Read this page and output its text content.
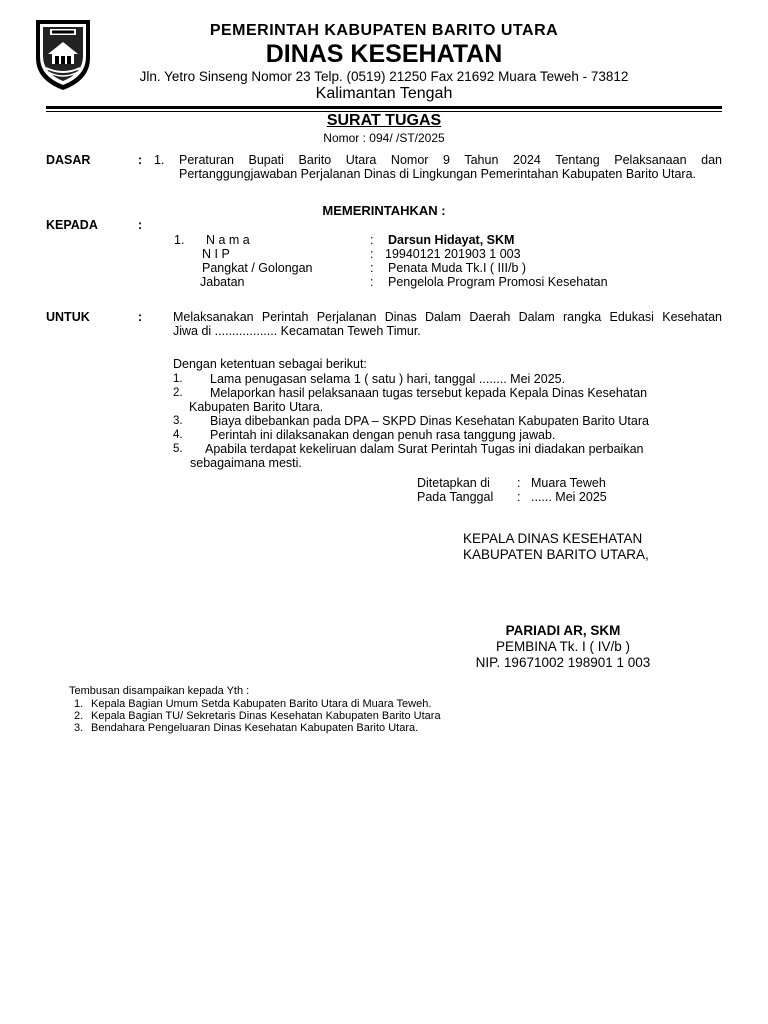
PEMERINTAH KABUPATEN BARITO UTARA
DINAS KESEHATAN
Jln. Yetro Sinseng Nomor 23 Telp. (0519) 21250 Fax 21692 Muara Teweh - 73812
Kalimantan Tengah
SURAT TUGAS
Nomor : 094/ /ST/2025
DASAR	: 1. Peraturan Bupati Barito Utara Nomor 9 Tahun 2024 Tentang Pelaksanaan dan
Pertanggungjawaban Perjalanan Dinas di Lingkungan Pemerintahan Kabupaten Barito Utara.
MEMERINTAHKAN :
KEPADA	:
1. N a m a	: Darsun Hidayat, SKM
N I P	: 19940121 201903 1 003
Pangkat / Golongan	: Penata Muda Tk.I ( III/b )
Jabatan	: Pengelola Program Promosi Kesehatan
UNTUK	: Melaksanakan Perintah Perjalanan Dinas Dalam Daerah Dalam rangka Edukasi Kesehatan
Jiwa di .................. Kecamatan Teweh Timur.
Dengan ketentuan sebagai berikut:
1. Lama penugasan selama 1 ( satu ) hari, tanggal ........ Mei 2025.
2. Melaporkan hasil pelaksanaan tugas tersebut kepada Kepala Dinas Kesehatan
Kabupaten Barito Utara.
3. Biaya dibebankan pada DPA – SKPD Dinas Kesehatan Kabupaten Barito Utara
4. Perintah ini dilaksanakan dengan penuh rasa tanggung jawab.
5. Apabila terdapat kekeliruan dalam Surat Perintah Tugas ini diadakan perbaikan
sebagaimana mesti.
Ditetapkan di : Muara Teweh
Pada Tanggal : ...... Mei 2025
KEPALA DINAS KESEHATAN
KABUPATEN BARITO UTARA,
PARIADI AR, SKM
PEMBINA Tk. I ( IV/b )
NIP. 19671002 198901 1 003
Tembusan disampaikan kepada Yth :
1. Kepala Bagian Umum Setda Kabupaten Barito Utara di Muara Teweh.
2. Kepala Bagian TU/ Sekretaris Dinas Kesehatan Kabupaten Barito Utara
3. Bendahara Pengeluaran Dinas Kesehatan Kabupaten Barito Utara.
